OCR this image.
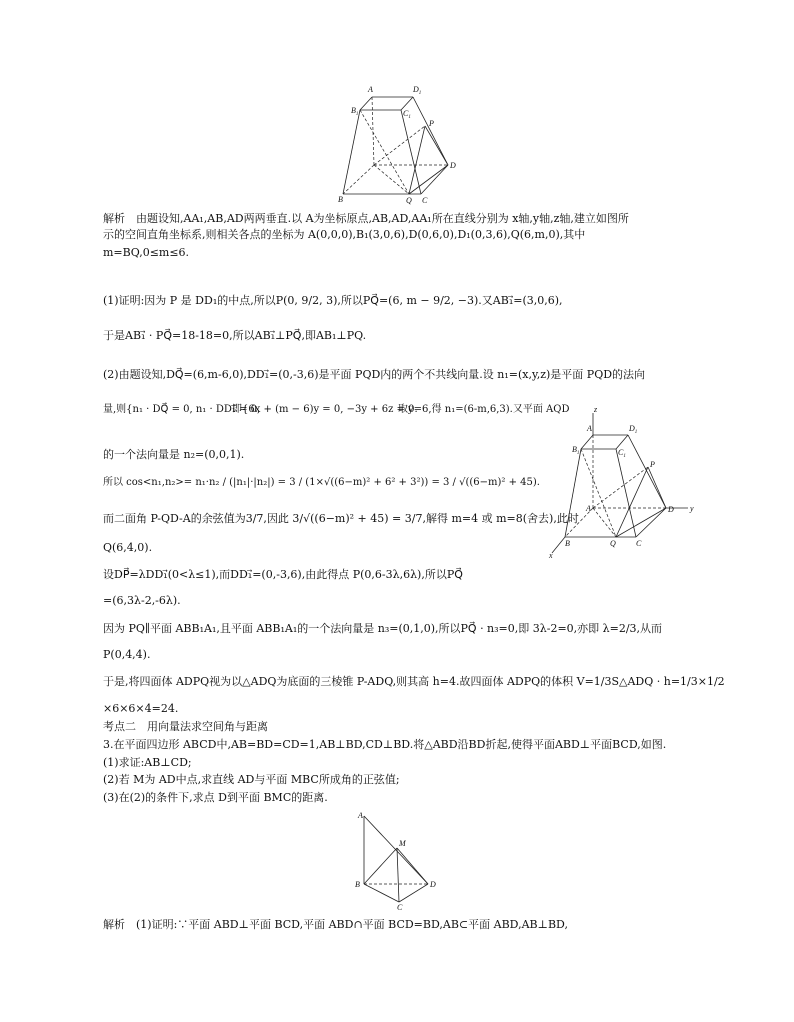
A	$D_1$
$B_1$	$C_1$
P
D
B	Q C
解析　由题设知,AA₁,AB,AD两两垂直.以 A为坐标原点,AB,AD,AA₁所在直线分别为 x轴,y轴,z轴,建立如图所
示的空间直角坐标系,则相关各点的坐标为 A(0,0,0),B₁(3,0,6),D(0,6,0),D₁(0,3,6),Q(6,m,0),其中
m=BQ,0≤m≤6.
(1)证明:因为 P 是 DD₁的中点,所以P(0, 9/2, 3),所以PQ⃗=(6, m − 9/2, −3).又AB₁⃗=(3,0,6),
于是AB₁⃗ · PQ⃗=18-18=0,所以AB₁⃗⊥PQ⃗,即AB₁⊥PQ.
(2)由题设知,DQ⃗=(6,m-6,0),DD₁⃗=(0,-3,6)是平面 PQD内的两个不共线向量.设 n₁=(x,y,z)是平面 PQD的法向
量,则{n₁ · DQ⃗ = 0, n₁ · DD₁⃗ = 0,
即{6x + (m − 6)y = 0, −3y + 6z = 0.
取y=6,得 n₁=(6-m,6,3).又平面 AQD
的一个法向量是 n₂=(0,0,1).
所以 cos<n₁,n₂>= n₁·n₂ / (|n₁|·|n₂|) = 3 / (1×√((6−m)² + 6² + 3²)) = 3 / √((6−m)² + 45).
而二面角 P-QD-A的余弦值为3/7,因此 3/√((6−m)² + 45) = 3/7,解得 m=4 或 m=8(舍去),此时
Q(6,4,0).
设DP⃗=λDD₁⃗(0<λ≤1),而DD₁⃗=(0,-3,6),由此得点 P(0,6-3λ,6λ),所以PQ⃗
=(6,3λ-2,-6λ).
因为 PQ∥平面 ABB₁A₁,且平面 ABB₁A₁的一个法向量是 n₃=(0,1,0),所以PQ⃗ · n₃=0,即 3λ-2=0,亦即 λ=2/3,从而
P(0,4,4).
于是,将四面体 ADPQ视为以△ADQ为底面的三棱锥 P-ADQ,则其高 h=4.故四面体 ADPQ的体积 V=1/3S△ADQ · h=1/3×1/2
×6×6×4=24.
考点二　用向量法求空间角与距离
3.在平面四边形 ABCD中,AB=BD=CD=1,AB⊥BD,CD⊥BD.将△ABD沿BD折起,使得平面ABD⊥平面BCD,如图.
(1)求证:AB⊥CD;
(2)若 M为 AD中点,求直线 AD与平面 MBC所成角的正弦值;
(3)在(2)的条件下,求点 D到平面 BMC的距离.
z
A	$D_1$
$B_1$	$C_1$
P
A	D y
B	Q	C
x
A
M
B	D
C
解析　(1)证明:∵平面 ABD⊥平面 BCD,平面 ABD∩平面 BCD=BD,AB⊂平面 ABD,AB⊥BD,
